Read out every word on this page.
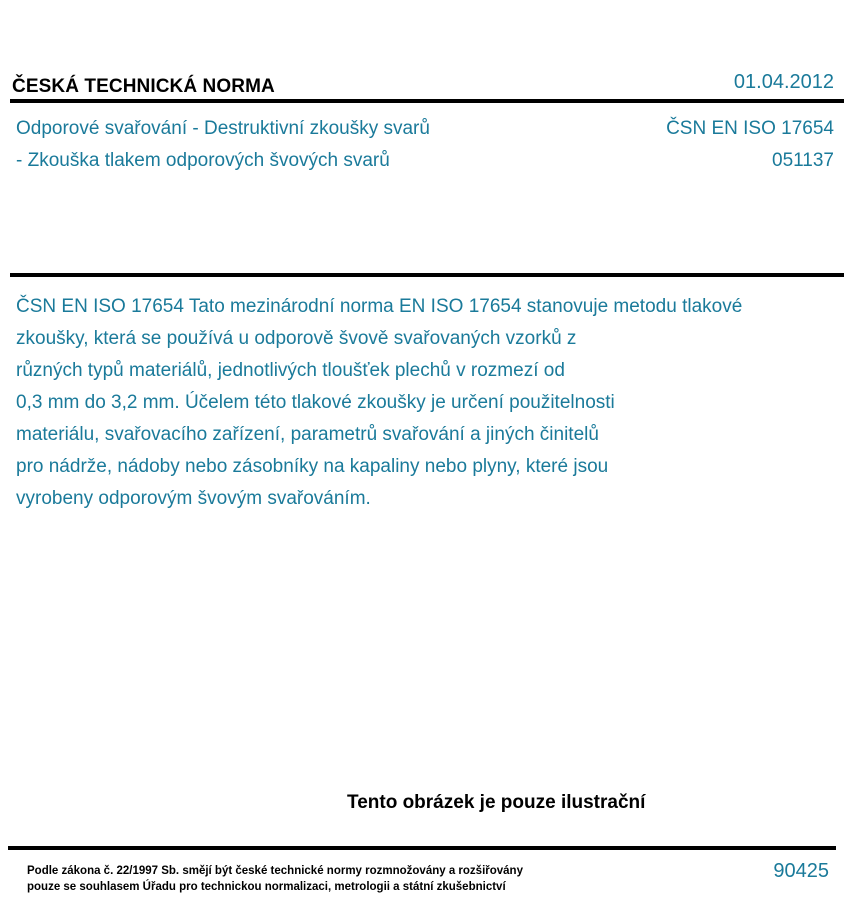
ČESKÁ TECHNICKÁ NORMA	01.04.2012
Odporové svařování - Destruktivní zkoušky svarů
- Zkouška tlakem odporových švových svarů
ČSN EN ISO 17654
051137
ČSN EN ISO 17654 Tato mezinárodní norma EN ISO 17654 stanovuje metodu tlakové
zkoušky, která se používá u odporově švově svařovaných vzorků z
různých typů materiálů, jednotlivých tloušťek plechů v rozmezí od
0,3 mm do 3,2 mm. Účelem této tlakové zkoušky je určení použitelnosti
materiálu, svařovacího zařízení, parametrů svařování a jiných činitelů
pro nádrže, nádoby nebo zásobníky na kapaliny nebo plyny, které jsou
vyrobeny odporovým švovým svařováním.
Tento obrázek je pouze ilustrační
Podle zákona č. 22/1997 Sb. smějí být české technické normy rozmnožovány a rozšiřovány
pouze se souhlasem Úřadu pro technickou normalizaci, metrologii a státní zkušebnictví
90425
